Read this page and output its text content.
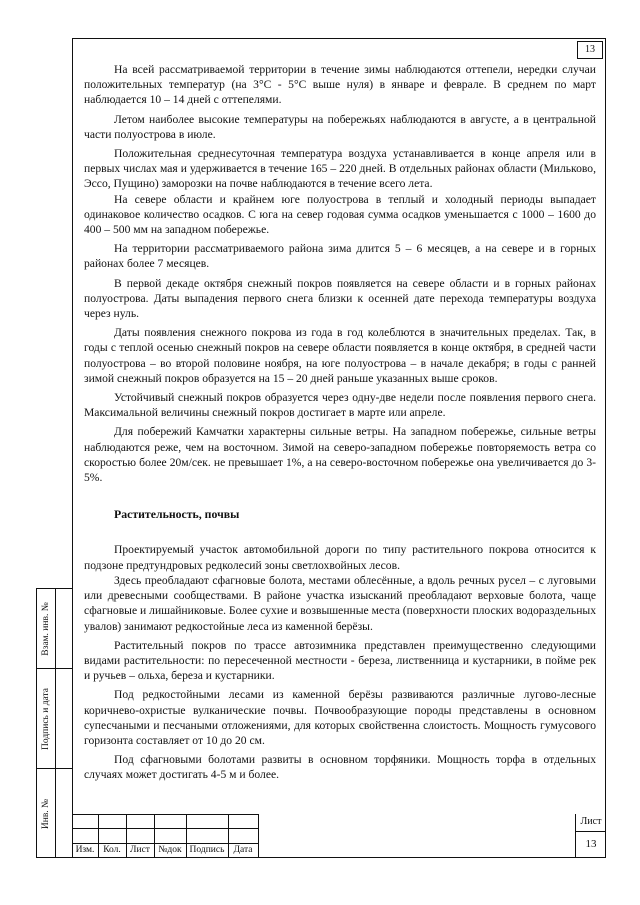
13

На всей рассматриваемой территории в течение зимы наблюдаются оттепели, нередки случаи положительных температур (на 3°С - 5°С выше нуля) в январе и феврале. В среднем по март наблюдается 10 – 14 дней с оттепелями.

Летом наиболее высокие температуры на побережьях наблюдаются в августе, а в центральной части полуострова в июле.

Положительная среднесуточная температура воздуха устанавливается в конце апреля или в первых числах мая и удерживается в течение 165 – 220 дней. В отдельных районах области (Мильково, Эссо, Пущино) заморозки на почве наблюдаются в течение всего лета.

На севере области и крайнем юге полуострова в теплый и холодный периоды выпадает одинаковое количество осадков. С юга на север годовая сумма осадков уменьшается с 1000 – 1600 до 400 – 500 мм на западном побережье.

На территории рассматриваемого района зима длится 5 – 6 месяцев, а на севере и в горных районах более 7 месяцев.

В первой декаде октября снежный покров появляется на севере области и в горных районах полуострова. Даты выпадения первого снега близки к осенней дате перехода температуры воздуха через нуль.

Даты появления снежного покрова из года в год колеблются в значительных пределах. Так, в годы с теплой осенью снежный покров на севере области появляется в конце октября, в средней части полуострова – во второй половине ноября, на юге полуострова – в начале декабря; в годы с ранней зимой снежный покров образуется на 15 – 20 дней раньше указанных выше сроков.

Устойчивый снежный покров образуется через одну-две недели после появления первого снега. Максимальной величины снежный покров достигает в марте или апреле.

Для побережий Камчатки характерны сильные ветры. На западном побережье, сильные ветры наблюдаются реже, чем на восточном. Зимой на северо-западном побережье повторяемость ветра со скоростью более 20м/сек. не превышает 1%, а на северо-восточном побережье она увеличивается до 3-5%.

Растительность, почвы

Проектируемый участок автомобильной дороги по типу растительного покрова относится к подзоне предтундровых редколесий зоны светлохвойных лесов.

Здесь преобладают сфагновые болота, местами облесённые, а вдоль речных русел – с луговыми или древесными сообществами. В районе участка изысканий преобладают верховые болота, чаще сфагновые и лишайниковые. Более сухие и возвышенные места (поверхности плоских водораздельных увалов) занимают редкостойные леса из каменной берёзы.

Растительный покров по трассе автозимника представлен преимущественно следующими видами растительности: по пересеченной местности - береза, лиственница и кустарники, в пойме рек и ручьев – ольха, береза и кустарники.

Под редкостойными лесами из каменной берёзы развиваются различные лугово-лесные коричнево-охристые вулканические почвы. Почвообразующие породы представлены в основном супесчаными и песчаными отложениями, для которых свойственна слоистость. Мощность гумусового горизонта составляет от 10 до 20 см.

Под сфагновыми болотами развиты в основном торфяники. Мощность торфа в отдельных случаях может достигать 4-5 м и более.

Взам. инв. №
Подпись и дата
Инв. №
Изм. Кол. Лист №док Подпись Дата
Лист
13
